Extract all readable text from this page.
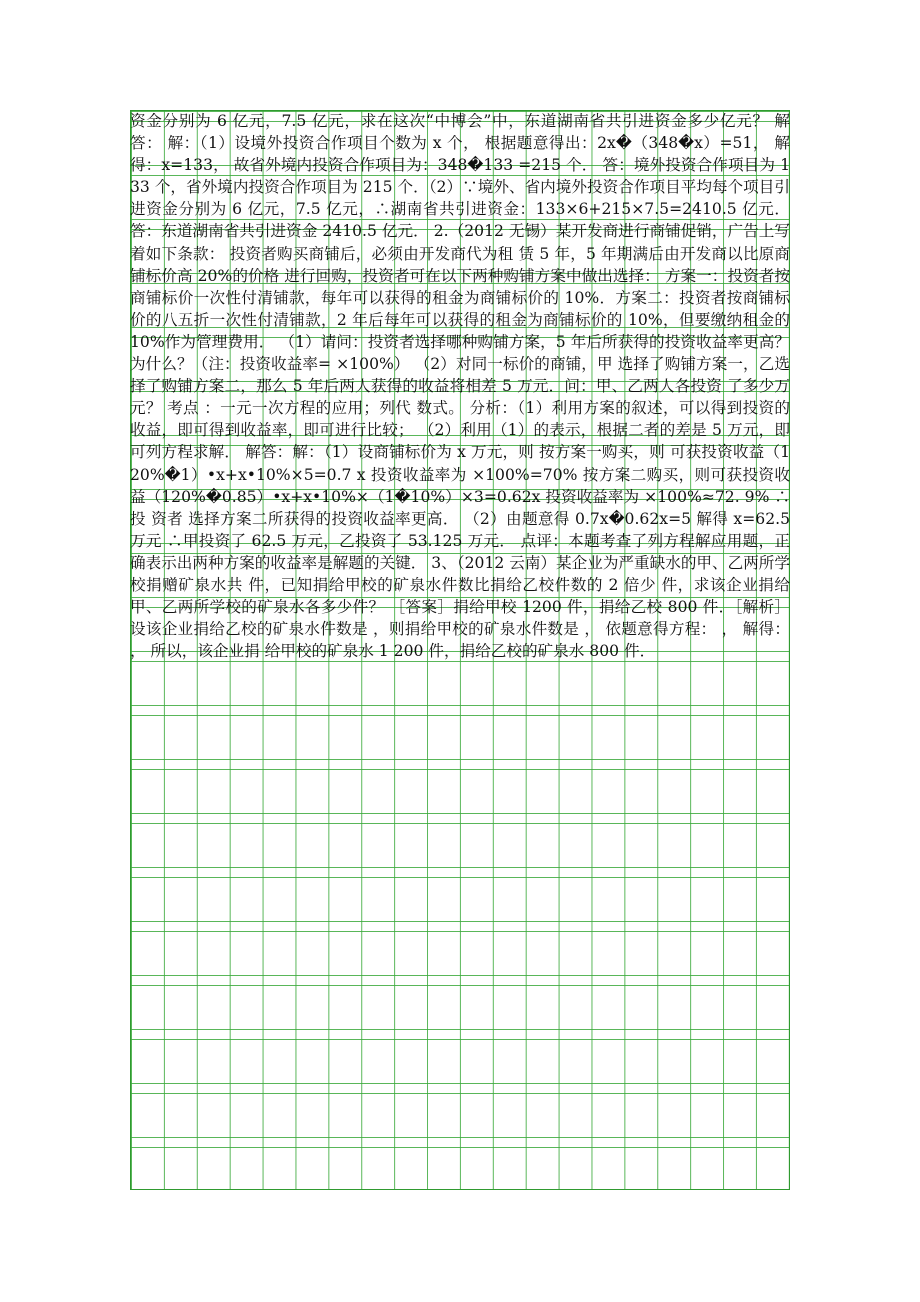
资金分别为 6 亿元，7.5 亿元，求在这次“中博会”中，东道湖南省共引进资金多少亿元？ 解答： 解：（1）设境外投资合作项目个数为 x 个， 根据题意得出：2x�（348�x）=51， 解得：x=133， 故省外境内投资合作项目为：348�133 =215 个． 答：境外投资合作项目为 133 个，省外境内投资合作项目为 215 个．（2）∵境外、省内境外投资合作项目平均每个项目引进资金分别为 6 亿元，7.5 亿元，∴湖南省共引进资金：133×6+215×7.5=2410.5 亿元． 答：东道湖南省共引进资金 2410.5 亿元． 2.（2012 无锡）某开发商进行商铺促销，广告上写着如下条款： 投资者购买商铺后，必须由开发商代为租 赁 5 年，5 年期满后由开发商以比原商铺标价高 20%的价格 进行回购，投资者可在以下两种购铺方案中做出选择： 方案一：投资者按商铺标价一次性付清铺款，每年可以获得的租金为商铺标价的 10%．方案二：投资者按商铺标价的八五折一次性付清铺款，2 年后每年可以获得的租金为商铺标价的 10%，但要缴纳租金的 10%作为管理费用． （1）请问：投资者选择哪种购铺方案，5 年后所获得的投资收益率更高？为什么？（注：投资收益率= ×100%） （2）对同一标价的商铺，甲 选择了购铺方案一，乙选择了购铺方案二，那么 5 年后两人获得的收益将相差 5 万元．问：甲、乙两人各投资 了多少万元？ 考点 ：一元一次方程的应用；列代 数式。 分析：（1）利用方案的叙述，可以得到投资的收益，即可得到收益率，即可进行比较； （2）利用（1）的表示，根据二者的差是 5 万元，即可列方程求解． 解答：解：（1）设商铺标价为 x 万元，则 按方案一购买，则 可获投资收益（120%�1）•x+x•10%×5=0.7 x 投资收益率为 ×100%=70% 按方案二购买，则可获投资收益（120%�0.85）•x+x•10%×（1�10%）×3=0.62x 投资收益率为 ×100%≈72. 9% ∴投 资者 选择方案二所获得的投资收益率更高． （2）由题意得 0.7x�0.62x=5 解得 x=62.5 万元 ∴甲投资了 62.5 万元，乙投资了 53.125 万元． 点评：本题考查了列方程解应用题，正确表示出两种方案的收益率是解题的关键． 3、（2012 云南）某企业为严重缺水的甲、乙两所学校捐赠矿泉水共 件，已知捐给甲校的矿泉水件数比捐给乙校件数的 2 倍少 件，求该企业捐给甲、乙两所学校的矿泉水各多少件？ ［答案］捐给甲校 1200 件，捐给乙校 800 件．［解析］设该企业捐给乙校的矿泉水件数是 ，则捐给甲校的矿泉水件数是 ， 依题意得方程： ， 解得： ， 所以，该企业捐 给甲校的矿泉水 1 200 件，捐给乙校的矿泉水 800 件．
